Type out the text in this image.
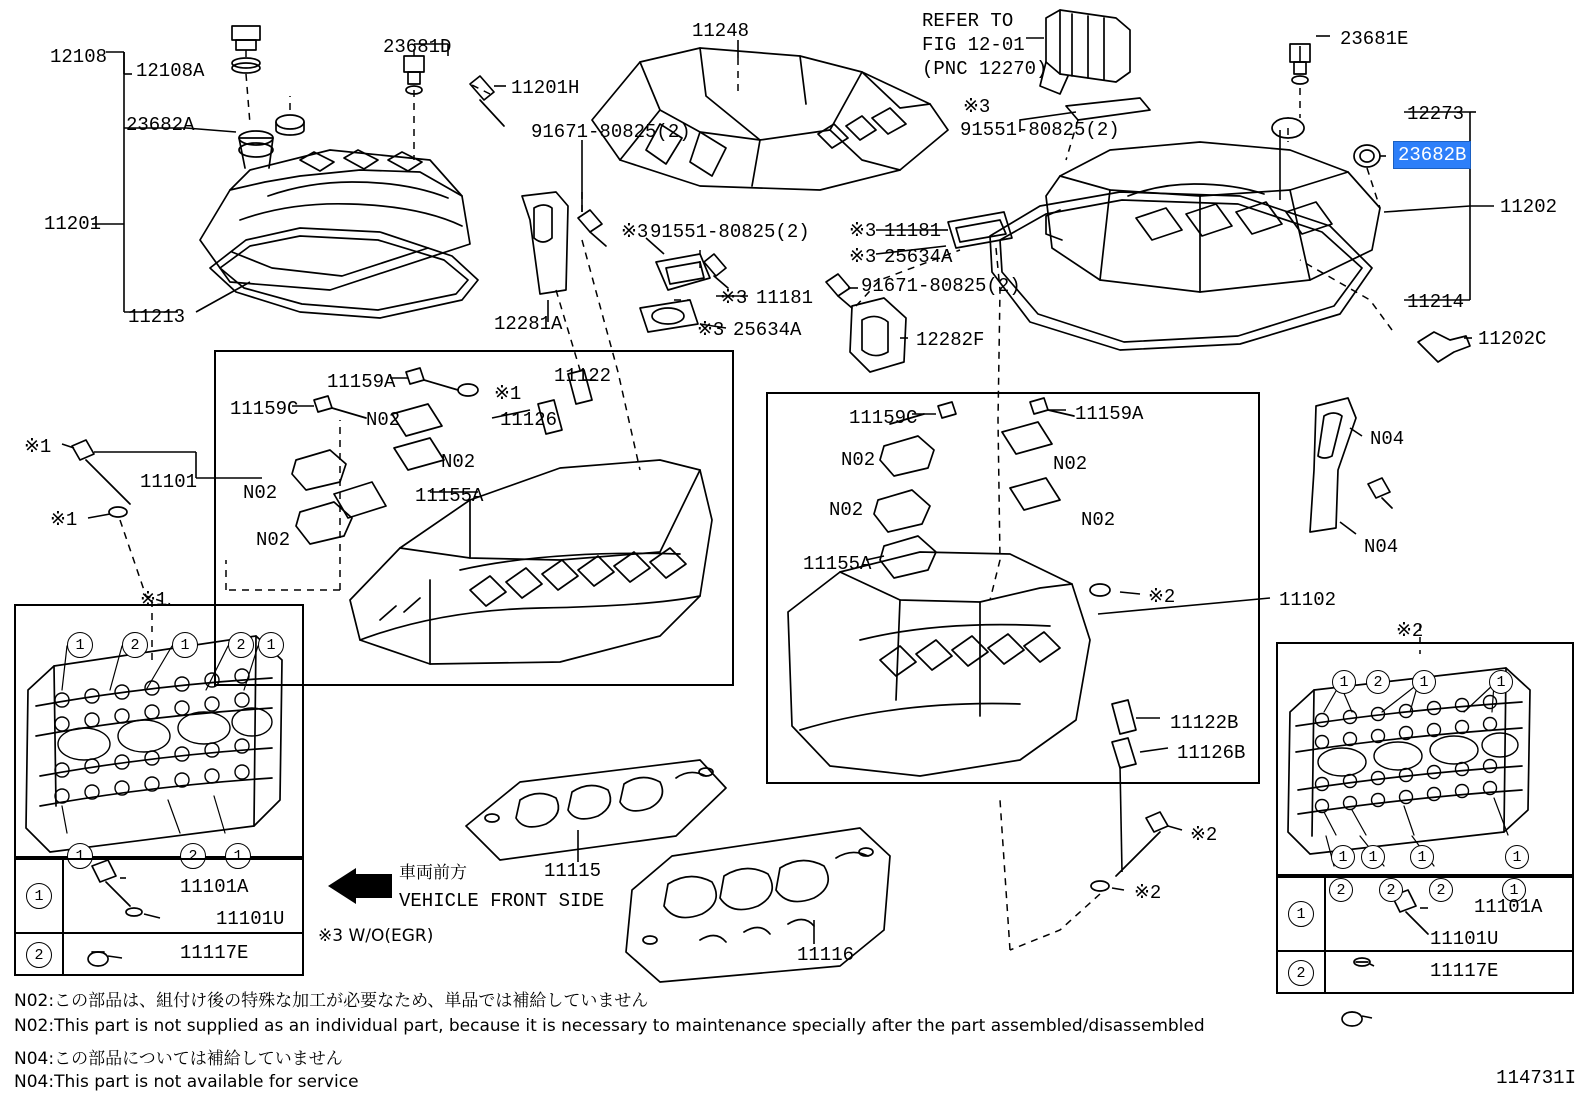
1	2	1	2	1
1	2	1
1	2	1	1
1	1	1	1
2	2	2	1
1	11101A
11101U
2	11117E
1	11101A
11101U
2	11117E
12108
12108A
23681D
11201H
11248	REFER TO
FIG 12-01
(PNC 12270)
23681E
12273
23682A
23682B
11202
11201
91671-80825(2)	91551-80825(2)
※3
91551-80825(2)
※3	※3 11181
※3 25634A
91671-80825(2)
11213
11214
11202C
12281A
※3 11181
※3 25634A	12282F
11159A	11122
※1
11159C	11126
N02
N02
N02	11155A
N02
※1
11101
※1
※1
11159C	11159A
N04
N02	N02
N02	N02
N04
11155A
※2	11102
※2
11122B
11126B
11115
※2
※2
11116
車両前方
VEHICLE FRONT SIDE
※3 W/O(EGR)
N02:この部品は、組付け後の特殊な加工が必要なため、単品では補給していません
N02:This part is not supplied as an individual part, because it is necessary to maintenance specially after the part assembled/disassembled
N04:この部品については補給していません
N04:This part is not available for service	114731I
